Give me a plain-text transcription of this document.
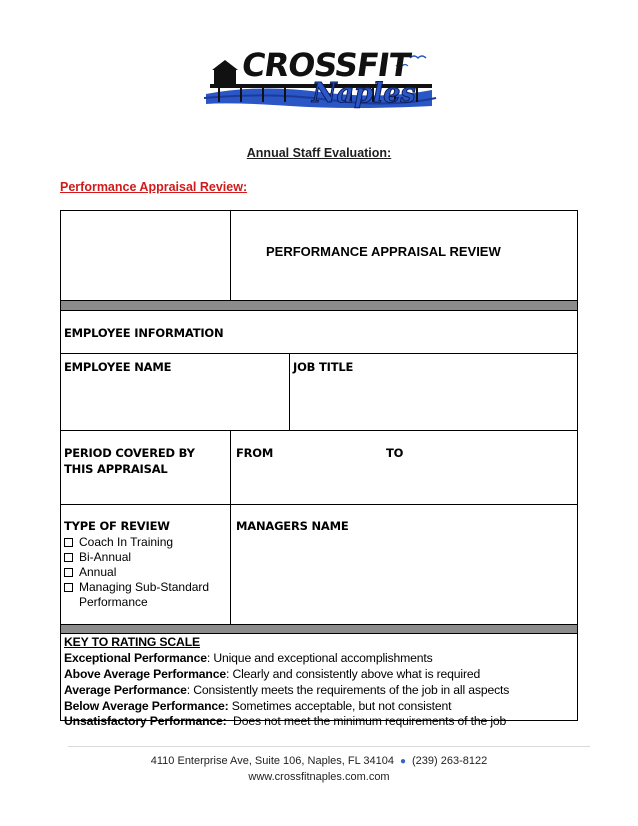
CROSSFIT
Naples
Annual Staff Evaluation:
Performance Appraisal Review:
PERFORMANCE APPRAISAL REVIEW
EMPLOYEE INFORMATION
EMPLOYEE NAME	JOB TITLE
PERIOD COVERED BY
THIS APPRAISAL
FROM	TO
TYPE OF REVIEW
Coach In Training
Bi-Annual
Annual
Managing Sub-Standard
Performance
MANAGERS NAME
KEY TO RATING SCALE
Exceptional Performance: Unique and exceptional accomplishments
Above Average Performance: Clearly and consistently above what is required
Average Performance: Consistently meets the requirements of the job in all aspects
Below Average Performance: Sometimes acceptable, but not consistent
Unsatisfactory Performance:  Does not meet the minimum requirements of the job
4110 Enterprise Ave, Suite 106, Naples, FL 34104 ● (239) 263-8122
www.crossfitnaples.com.com
